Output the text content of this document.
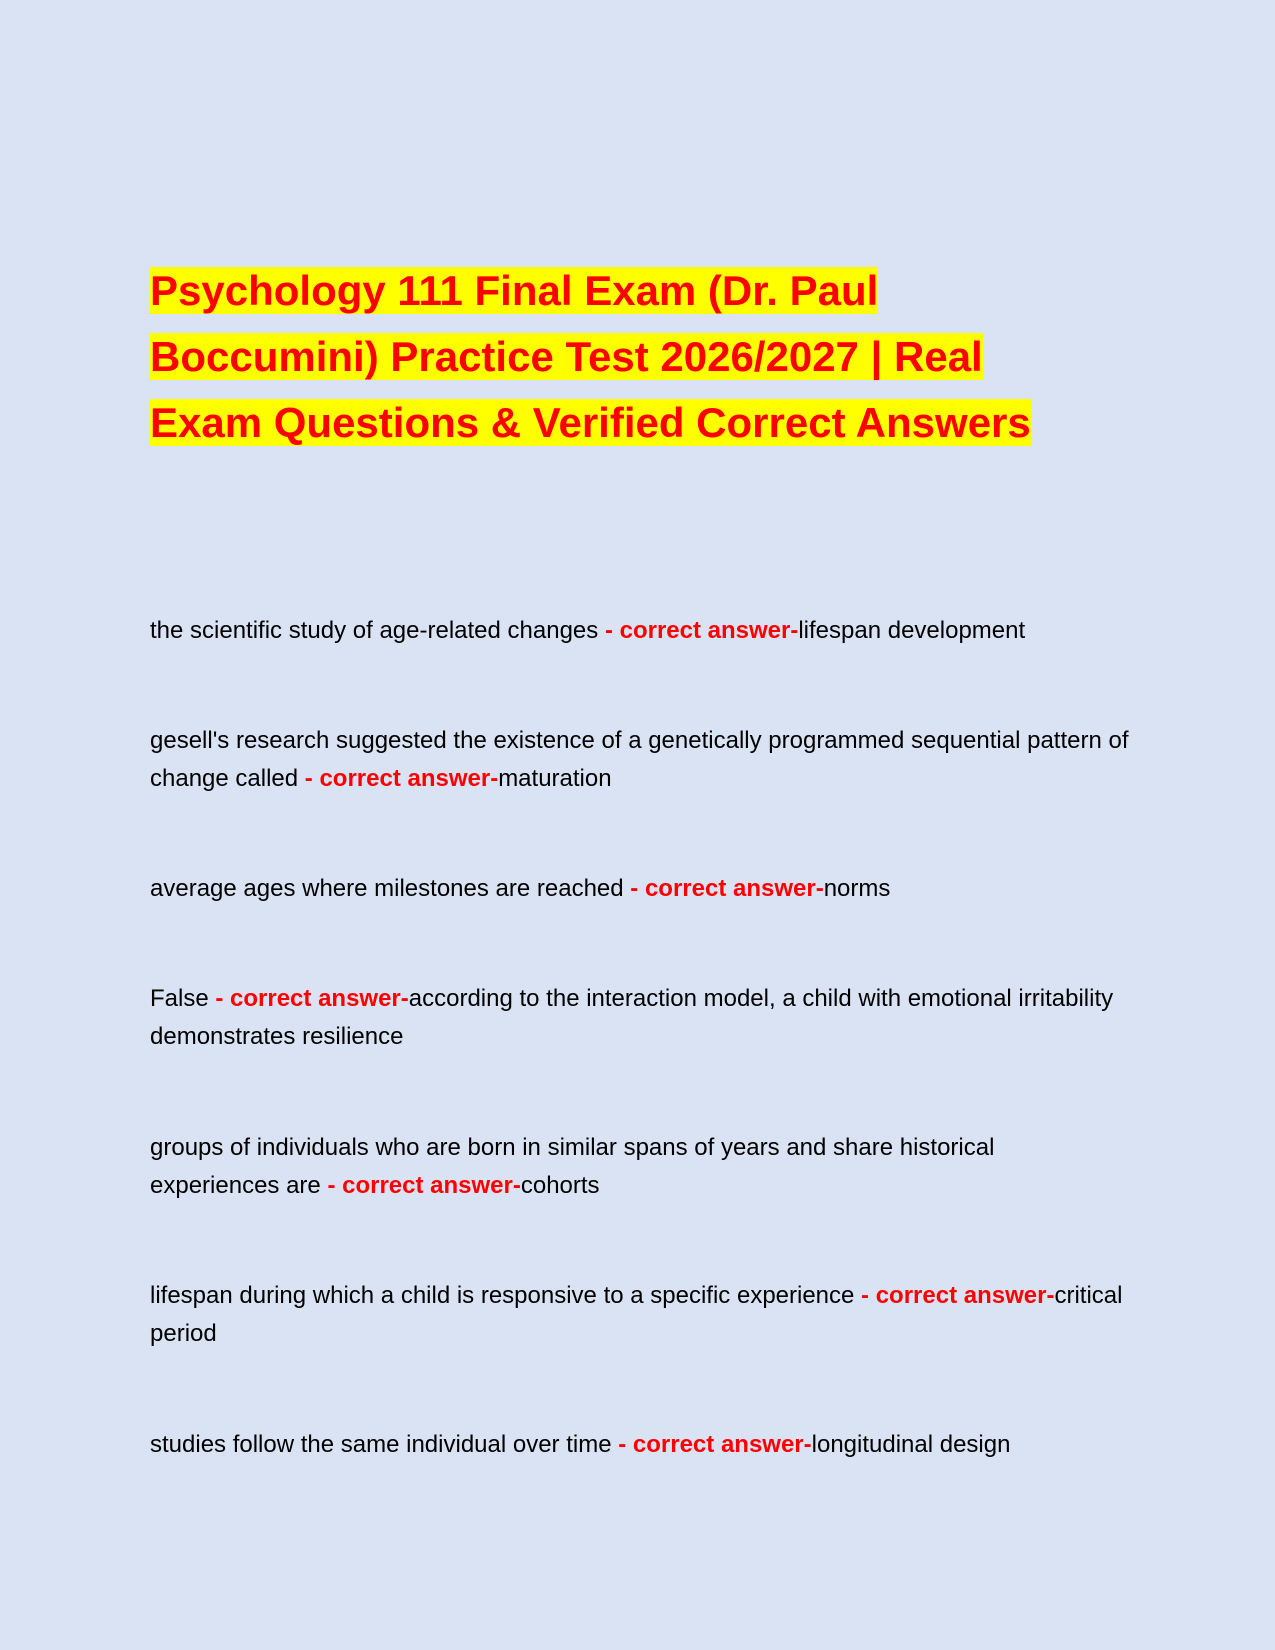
Psychology 111 Final Exam (Dr. Paul
Boccumini) Practice Test 2026/2027 | Real
Exam Questions & Verified Correct Answers
the scientific study of age-related changes - correct answer-lifespan development
gesell's research suggested the existence of a genetically programmed sequential pattern of change called - correct answer-maturation
average ages where milestones are reached - correct answer-norms
False - correct answer-according to the interaction model, a child with emotional irritability demonstrates resilience
groups of individuals who are born in similar spans of years and share historical experiences are - correct answer-cohorts
lifespan during which a child is responsive to a specific experience - correct answer-critical period
studies follow the same individual over time - correct answer-longitudinal design
